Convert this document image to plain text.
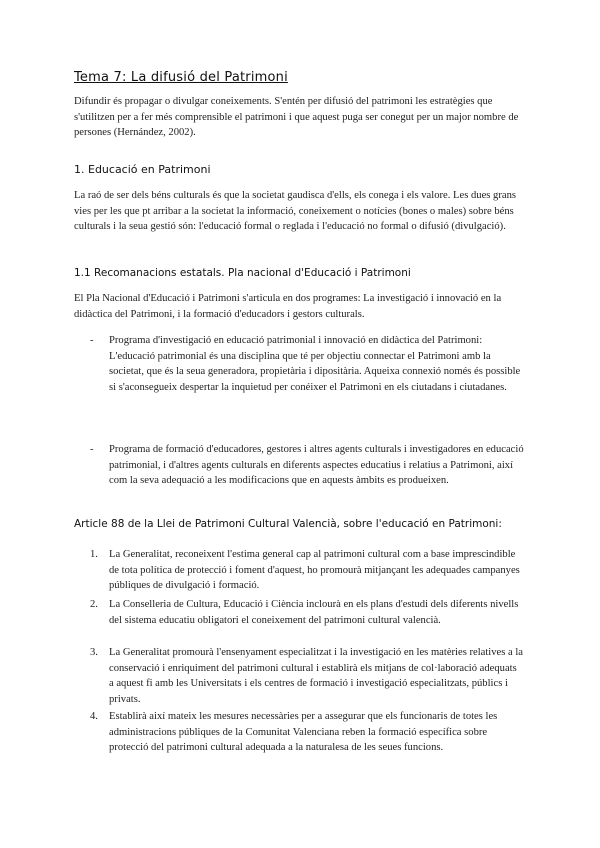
Tema 7: La difusió del Patrimoni

Difundir és propagar o divulgar coneixements. S'entén per difusió del patrimoni les estratègies que s'utilitzen per a fer més comprensible el patrimoni i que aquest puga ser conegut per un major nombre de persones (Hernández, 2002).

1. Educació en Patrimoni

La raó de ser dels béns culturals és que la societat gaudisca d'ells, els conega i els valore. Les dues grans vies per les que pt arribar a la societat la informació, coneixement o notícies (bones o males) sobre béns culturals i la seua gestió són: l'educació formal o reglada i l'educació no formal o difusió (divulgació).

1.1 Recomanacions estatals. Pla nacional d'Educació i Patrimoni

El Pla Nacional d'Educació i Patrimoni s'articula en dos programes: La investigació i innovació en la didàctica del Patrimoni, i la formació d'educadors i gestors culturals.

- Programa d'investigació en educació patrimonial i innovació en didàctica del Patrimoni:

L'educació patrimonial és una disciplina que té per objectiu connectar el Patrimoni amb la societat, que és la seua generadora, propietària i dipositària. Aqueixa connexió només és possible si s'aconsegueix despertar la inquietud per conéixer el Patrimoni en els ciutadans i ciutadanes.

- Programa de formació d'educadores, gestores i altres agents culturals i investigadores en educació patrimonial, i d'altres agents culturals en diferents aspectes educatius i relatius a Patrimoni, així com la seva adequació a les modificacions que en aquests àmbits es produeixen.

Article 88 de la Llei de Patrimoni Cultural Valencià, sobre l'educació en Patrimoni:
1. La Generalitat, reconeixent l'estima general cap al patrimoni cultural com a base imprescindible de tota política de protecció i foment d'aquest, ho promourà mitjançant les adequades campanyes públiques de divulgació i formació.

2. La Conselleria de Cultura, Educació i Ciència inclourà en els plans d'estudi dels diferents nivells del sistema educatiu obligatori el coneixement del patrimoni cultural valencià.

3. La Generalitat promourà l'ensenyament especialitzat i la investigació en les matèries relatives a la conservació i enriquiment del patrimoni cultural i establirà els mitjans de col·laboració adequats a aquest fi amb les Universitats i els centres de formació i investigació especialitzats, públics i privats.

4. Establirà així mateix les mesures necessàries per a assegurar que els funcionaris de totes les administracions públiques de la Comunitat Valenciana reben la formació específica sobre protecció del patrimoni cultural adequada a la naturalesa de les seues funcions.
